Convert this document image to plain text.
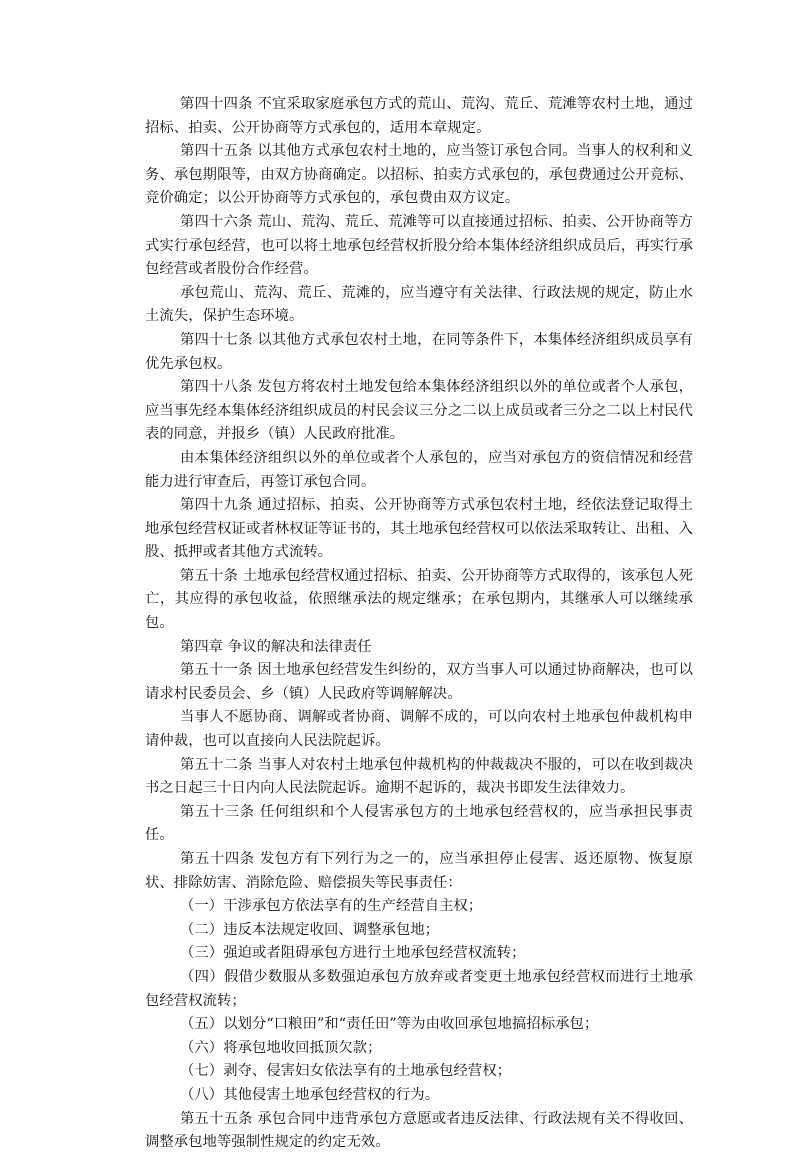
第四十四条 不宜采取家庭承包方式的荒山、荒沟、荒丘、荒滩等农村土地，通过招标、拍卖、公开协商等方式承包的，适用本章规定。

第四十五条 以其他方式承包农村土地的，应当签订承包合同。当事人的权利和义务、承包期限等，由双方协商确定。以招标、拍卖方式承包的，承包费通过公开竞标、竞价确定；以公开协商等方式承包的，承包费由双方议定。

第四十六条 荒山、荒沟、荒丘、荒滩等可以直接通过招标、拍卖、公开协商等方式实行承包经营，也可以将土地承包经营权折股分给本集体经济组织成员后，再实行承包经营或者股份合作经营。

承包荒山、荒沟、荒丘、荒滩的，应当遵守有关法律、行政法规的规定，防止水土流失，保护生态环境。

第四十七条 以其他方式承包农村土地，在同等条件下，本集体经济组织成员享有优先承包权。

第四十八条 发包方将农村土地发包给本集体经济组织以外的单位或者个人承包，应当事先经本集体经济组织成员的村民会议三分之二以上成员或者三分之二以上村民代表的同意，并报乡（镇）人民政府批准。

由本集体经济组织以外的单位或者个人承包的，应当对承包方的资信情况和经营能力进行审查后，再签订承包合同。

第四十九条 通过招标、拍卖、公开协商等方式承包农村土地，经依法登记取得土地承包经营权证或者林权证等证书的，其土地承包经营权可以依法采取转让、出租、入股、抵押或者其他方式流转。

第五十条 土地承包经营权通过招标、拍卖、公开协商等方式取得的，该承包人死亡，其应得的承包收益，依照继承法的规定继承；在承包期内，其继承人可以继续承包。

第四章 争议的解决和法律责任

第五十一条 因土地承包经营发生纠纷的，双方当事人可以通过协商解决，也可以请求村民委员会、乡（镇）人民政府等调解解决。

当事人不愿协商、调解或者协商、调解不成的，可以向农村土地承包仲裁机构申请仲裁，也可以直接向人民法院起诉。

第五十二条 当事人对农村土地承包仲裁机构的仲裁裁决不服的，可以在收到裁决书之日起三十日内向人民法院起诉。逾期不起诉的，裁决书即发生法律效力。

第五十三条 任何组织和个人侵害承包方的土地承包经营权的，应当承担民事责任。

第五十四条 发包方有下列行为之一的，应当承担停止侵害、返还原物、恢复原状、排除妨害、消除危险、赔偿损失等民事责任：

（一）干涉承包方依法享有的生产经营自主权；

（二）违反本法规定收回、调整承包地；

（三）强迫或者阻碍承包方进行土地承包经营权流转；

（四）假借少数服从多数强迫承包方放弃或者变更土地承包经营权而进行土地承包经营权流转；

（五）以划分“口粮田”和“责任田”等为由收回承包地搞招标承包；

（六）将承包地收回抵顶欠款；

（七）剥夺、侵害妇女依法享有的土地承包经营权；

（八）其他侵害土地承包经营权的行为。

第五十五条 承包合同中违背承包方意愿或者违反法律、行政法规有关不得收回、调整承包地等强制性规定的约定无效。
